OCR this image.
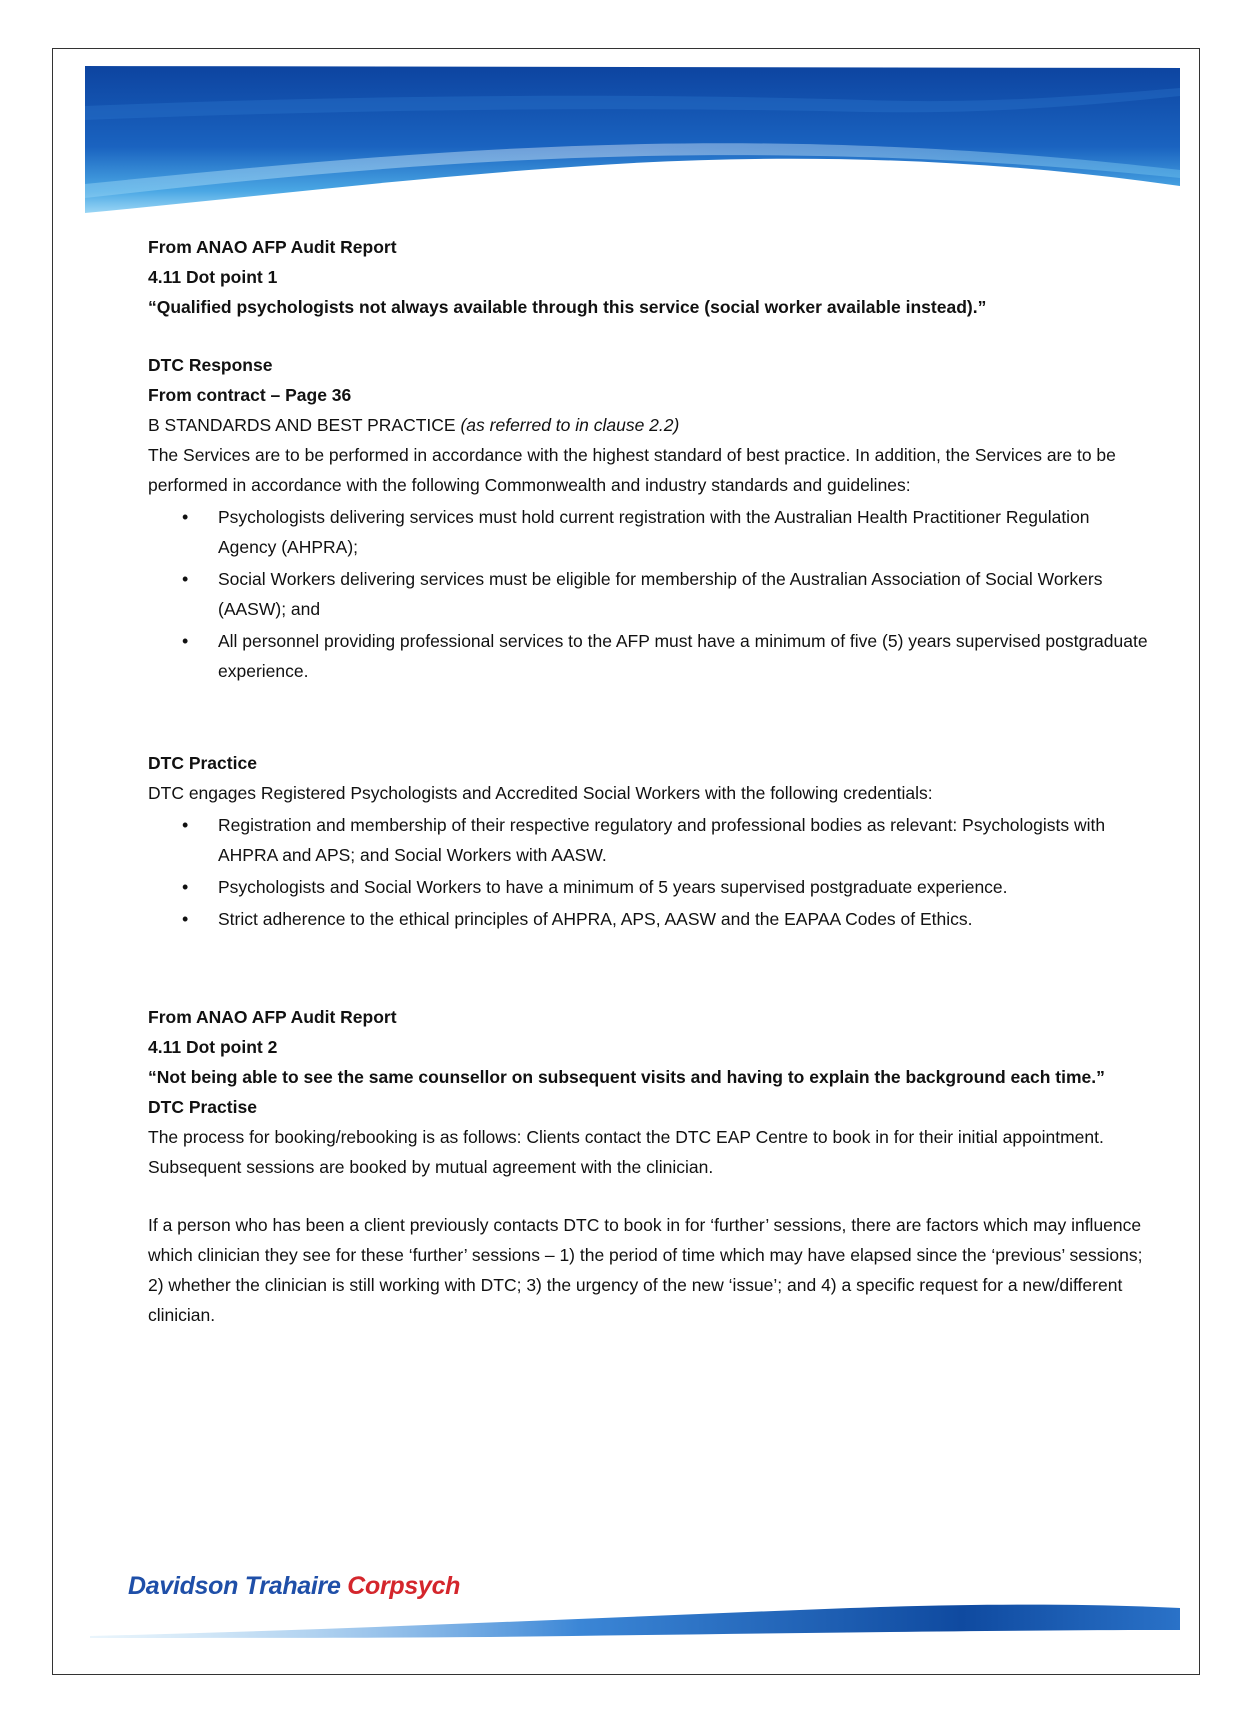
From ANAO AFP Audit Report

4.11 Dot point 1

“Qualified psychologists not always available through this service (social worker available instead).”

DTC Response

From contract – Page 36

B STANDARDS AND BEST PRACTICE (as referred to in clause 2.2)

The Services are to be performed in accordance with the highest standard of best practice. In addition, the Services are to be performed in accordance with the following Commonwealth and industry standards and guidelines:

• Psychologists delivering services must hold current registration with the Australian Health Practitioner Regulation Agency (AHPRA);
• Social Workers delivering services must be eligible for membership of the Australian Association of Social Workers (AASW); and
• All personnel providing professional services to the AFP must have a minimum of five (5) years supervised postgraduate experience.

DTC Practice

DTC engages Registered Psychologists and Accredited Social Workers with the following credentials:

• Registration and membership of their respective regulatory and professional bodies as relevant: Psychologists with AHPRA and APS; and Social Workers with AASW.
• Psychologists and Social Workers to have a minimum of 5 years supervised postgraduate experience.
• Strict adherence to the ethical principles of AHPRA, APS, AASW and the EAPAA Codes of Ethics.

From ANAO AFP Audit Report

4.11 Dot point 2

“Not being able to see the same counsellor on subsequent visits and having to explain the background each time.”

DTC Practise

The process for booking/rebooking is as follows: Clients contact the DTC EAP Centre to book in for their initial appointment. Subsequent sessions are booked by mutual agreement with the clinician.

If a person who has been a client previously contacts DTC to book in for ‘further’ sessions, there are factors which may influence which clinician they see for these ‘further’ sessions – 1) the period of time which may have elapsed since the ‘previous’ sessions; 2) whether the clinician is still working with DTC; 3) the urgency of the new ‘issue’; and 4) a specific request for a new/different clinician.

Davidson Trahaire Corpsych
